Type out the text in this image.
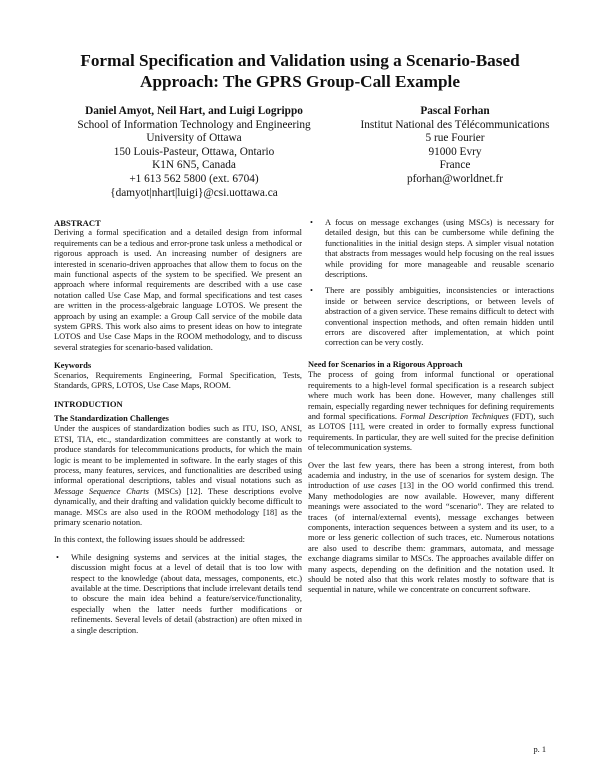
Formal Specification and Validation using a Scenario-Based
Approach: The GPRS Group-Call Example
Daniel Amyot, Neil Hart, and Luigi Logrippo
School of Information Technology and Engineering
University of Ottawa
150 Louis-Pasteur, Ottawa, Ontario
K1N 6N5, Canada
+1 613 562 5800 (ext. 6704)
{damyot|nhart|luigi}@csi.uottawa.ca
Pascal Forhan
Institut National des Télécommunications
5 rue Fourier
91000 Evry
France
pforhan@worldnet.fr
ABSTRACT

Deriving a formal specification and a detailed design from informal requirements can be a tedious and error-prone task unless a methodical or rigorous approach is used. An increasing number of designers are interested in scenario-driven approaches that allow them to focus on the main functional aspects of the system to be specified. We present an approach where informal requirements are described with a use case notation called Use Case Map, and formal specifications and test cases are written in the process-algebraic language LOTOS. We present the approach by using an example: a Group Call service of the mobile data system GPRS. This work also aims to present ideas on how to integrate LOTOS and Use Case Maps in the ROOM methodology, and to discuss several strategies for scenario-based validation.

Keywords

Scenarios, Requirements Engineering, Formal Specification, Tests, Standards, GPRS, LOTOS, Use Case Maps, ROOM.

INTRODUCTION
The Standardization Challenges

Under the auspices of standardization bodies such as ITU, ISO, ANSI, ETSI, TIA, etc., standardization committees are constantly at work to produce standards for telecommunications products, for which the main logic is meant to be implemented in software. In the early stages of this process, many features, services, and functionalities are described using informal operational descriptions, tables and visual notations such as Message Sequence Charts (MSCs) [12]. These descriptions evolve dynamically, and their drafting and validation quickly become difficult to manage. MSCs are also used in the ROOM methodology [18] as the primary scenario notation.

In this context, the following issues should be addressed:

• While designing systems and services at the initial stages, the discussion might focus at a level of detail that is too low with respect to the knowledge (about data, messages, components, etc.) available at the time. Descriptions that include irrelevant details tend to obscure the main idea behind a feature/service/functionality, especially when the latter needs further modifications or refinements. Several levels of detail (abstraction) are often mixed in a single description.
• A focus on message exchanges (using MSCs) is necessary for detailed design, but this can be cumbersome while defining the functionalities in the initial design steps. A simpler visual notation that abstracts from messages would help focusing on the real issues while providing for more manageable and reusable scenario descriptions.
• There are possibly ambiguities, inconsistencies or interactions inside or between service descriptions, or between levels of abstraction of a given service. These remains difficult to detect with conventional inspection methods, and often remain hidden until errors are discovered after implementation, at which point correction can be very costly.
Need for Scenarios in a Rigorous Approach

The process of going from informal functional or operational requirements to a high-level formal specification is a research subject where much work has been done. However, many challenges still remain, especially regarding newer techniques for defining requirements and formal specifications. Formal Description Techniques (FDT), such as LOTOS [11], were created in order to formally express functional requirements. In particular, they are well suited for the precise definition of telecommunication systems.

Over the last few years, there has been a strong interest, from both academia and industry, in the use of scenarios for system design. The introduction of use cases [13] in the OO world confirmed this trend. Many methodologies are now available. However, many different meanings were associated to the word “scenario”. They are related to traces (of internal/external events), message exchanges between components, interaction sequences between a system and its user, to a more or less generic collection of such traces, etc. Numerous notations are also used to describe them: grammars, automata, and message exchange diagrams similar to MSCs. The approaches available differ on many aspects, depending on the definition and the notation used. It should be noted also that this work relates mostly to software that is sequential in nature, while we concentrate on concurrent software.

p. 1
